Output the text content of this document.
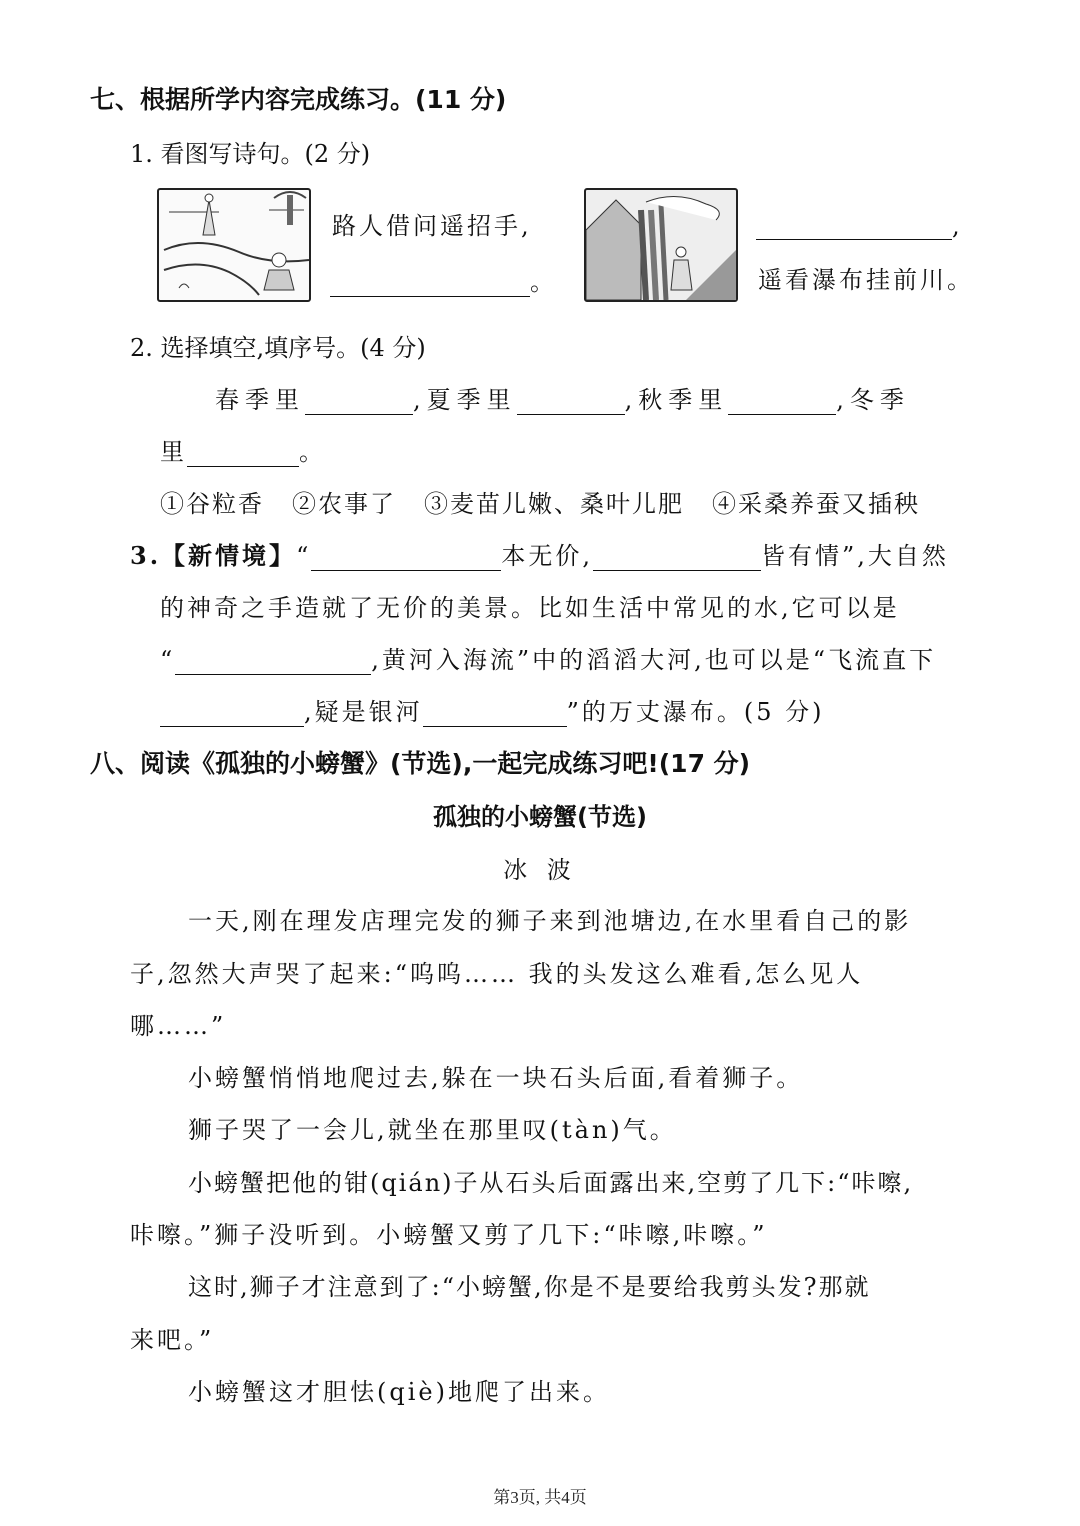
七、根据所学内容完成练习。(11 分)
1. 看图写诗句。(2 分)
路人借问遥招手,
。
,
遥看瀑布挂前川。
2. 选择填空,填序号。(4 分)
春季里	,夏季里	,秋季里	,冬季
里	。
①谷粒香 ②农事了 ③麦苗儿嫩、桑叶儿肥 ④采桑养蚕又插秧
3.【新情境】“	本无价,	皆有情”,大自然
的神奇之手造就了无价的美景。比如生活中常见的水,它可以是
“	,黄河入海流”中的滔滔大河,也可以是“飞流直下
,疑是银河	”的万丈瀑布。(5 分)
八、阅读《孤独的小螃蟹》(节选),一起完成练习吧!(17 分)
孤独的小螃蟹(节选)
冰 波
一天,刚在理发店理完发的狮子来到池塘边,在水里看自己的影
子,忽然大声哭了起来:“呜呜…… 我的头发这么难看,怎么见人
哪……”
小螃蟹悄悄地爬过去,躲在一块石头后面,看着狮子。
狮子哭了一会儿,就坐在那里叹(tàn)气。
小螃蟹把他的钳(qián)子从石头后面露出来,空剪了几下:“咔嚓,
咔嚓。”狮子没听到。小螃蟹又剪了几下:“咔嚓,咔嚓。”
这时,狮子才注意到了:“小螃蟹,你是不是要给我剪头发?那就
来吧。”
小螃蟹这才胆怯(qiè)地爬了出来。
第3页, 共4页
